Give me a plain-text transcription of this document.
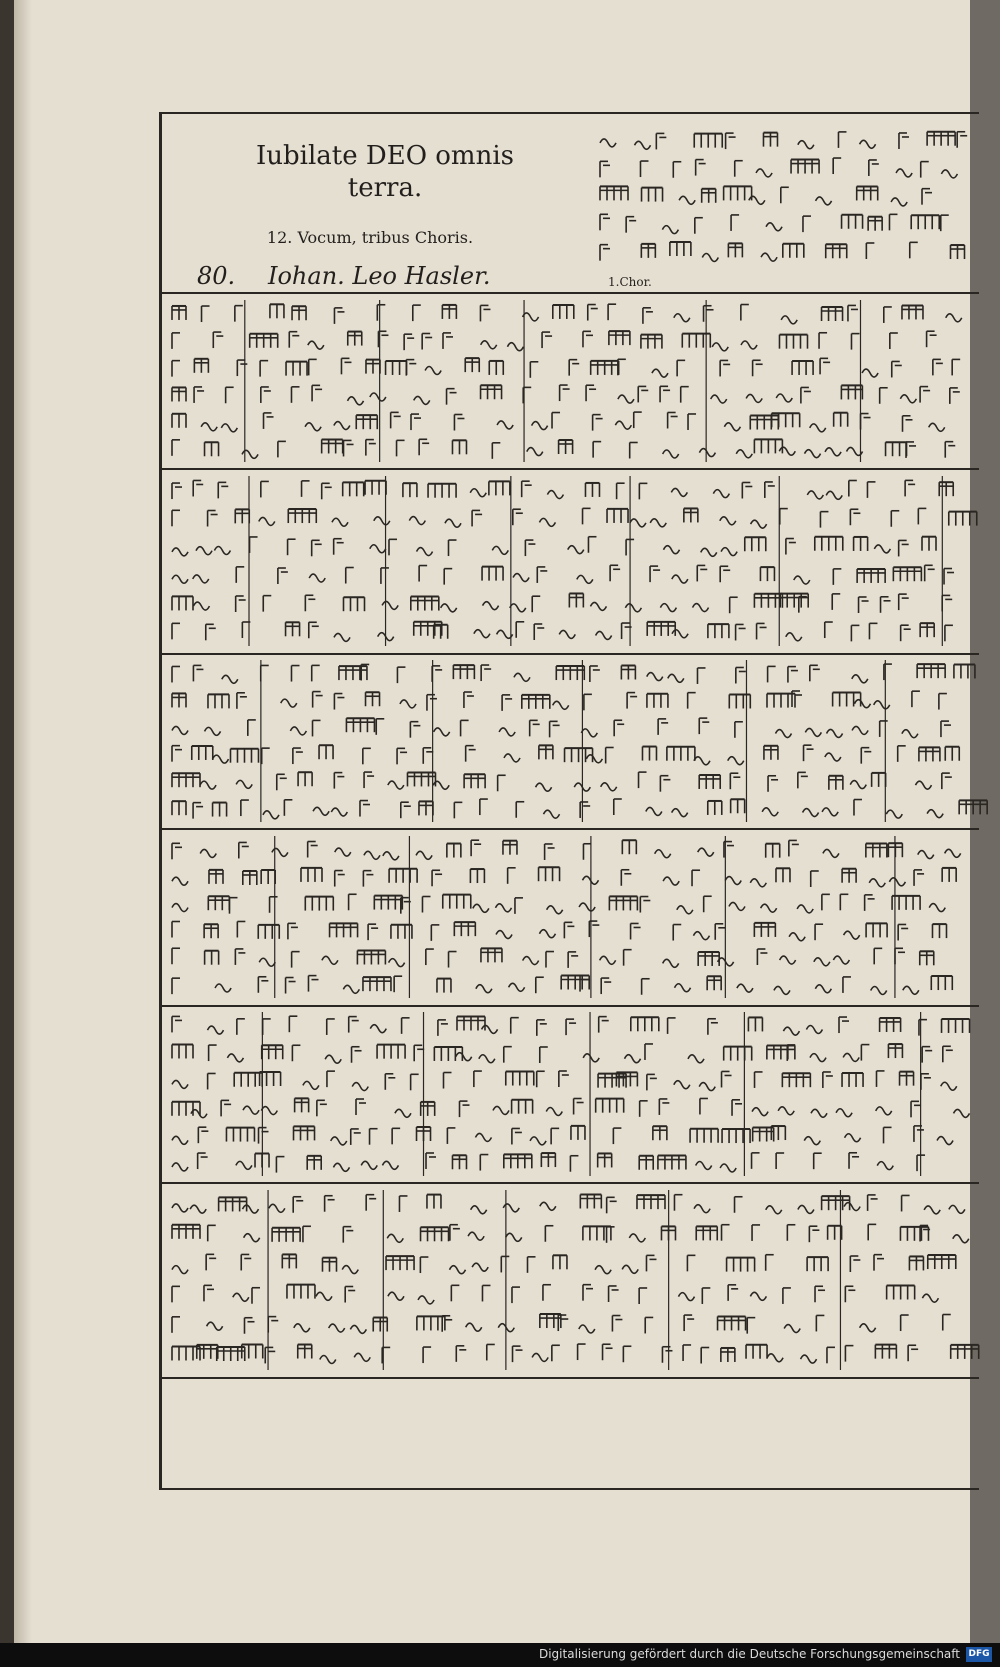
Iubilate DEO omnis terra.
12. Vocum, tribus Choris.
80. Iohan. Leo Hasler.	1.Chor.
Digitalisierung gefördert durch die Deutsche Forschungsgemeinschaft DFG
